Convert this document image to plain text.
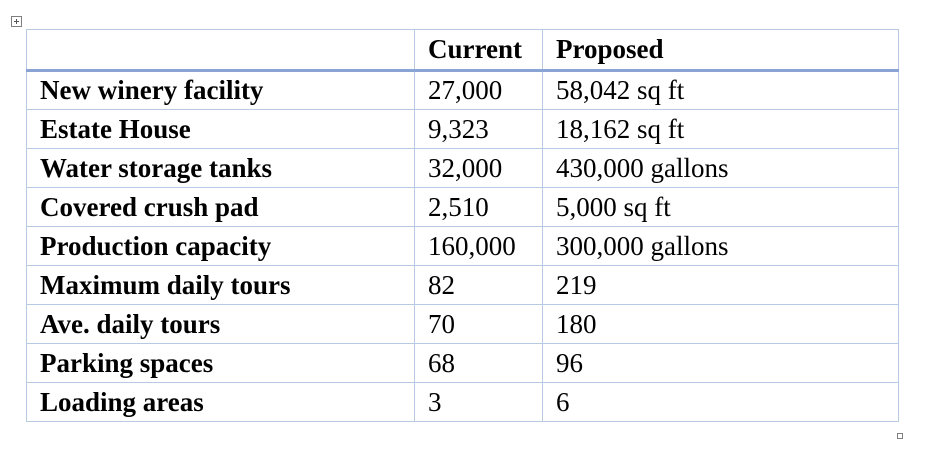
	Current	Proposed
New winery facility	27,000	58,042 sq ft
Estate House	9,323	18,162 sq ft
Water storage tanks	32,000	430,000 gallons
Covered crush pad	2,510	5,000 sq ft
Production capacity	160,000	300,000 gallons
Maximum daily tours	82	219
Ave. daily tours	70	180
Parking spaces	68	96
Loading areas	3	6
